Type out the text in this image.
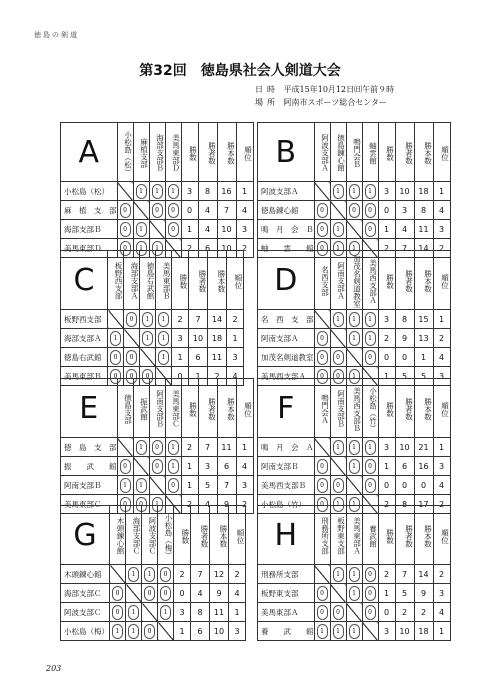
徳島の剣道
第32回　徳島県社会人剣道大会
日時 平成15年10月12日㈰午前９時
場所 阿南市スポーツ総合センター
A	小松島（松）	麻植支部	海部支部Ｂ	美馬東部Ｄ	勝数	勝者数	勝本数	順位
小松島（松）		1	1	1	3	8	16	1
麻　植　支　部	0		0	0	0	4	7	4
海部支部Ｂ	0	1		0	1	4	10	3
美馬東部Ｄ	0	1	1		2	6	10	2
B	阿波支部Ａ	徳島錬心館	鳴門会Ｂ	蚰雲館	勝数	勝者数	勝本数	順位
阿波支部Ａ		1	1	1	3	10	18	1
徳島錬心館	0		0	0	0	3	8	4
鳴　月　会　Ｂ	0	1		0	1	4	11	3
蚰　　雲　　館	0	1	1		2	7	14	2
C	板野西支部	海部支部Ａ	徳島右武館	美馬東部Ｂ	勝数	勝者数	勝本数	順位
板野西支部		0	1	1	2	7	14	2
海部支部Ａ	1		1	1	3	10	18	1
徳島右武館	0	0		1	1	6	11	3
美馬東部Ｂ	0	0	0		0	1	2	4
D	名西支部	阿南支部Ａ	加茂名剣道教室	美馬西支部Ａ	勝数	勝者数	勝本数	順位
名　西　支　部		1	1	1	3	8	15	1
阿南支部Ａ	0		1	1	2	9	13	2
加茂名剣道教室	0	0		0	0	0	1	4
美馬西支部Ａ	0	0	1		1	5	5	3
E	徳島支部	振武館	阿南支部Ｂ	美馬東部Ｃ	勝数	勝者数	勝本数	順位
徳　島　支　部		1	0	1	2	7	11	1
振　　武　　館	0		0	1	1	3	6	4
阿南支部Ｂ	1	1		0	1	5	7	3
美馬東部Ｃ	0	0	1		2	4	9	2
F	鳴門会Ａ	阿南支部Ｂ	美馬西支部Ｂ	小松島（竹）	勝数	勝者数	勝本数	順位
鳴　月　会　Ａ		1	1	1	3	10	21	1
阿南支部Ｂ	0		1	0	1	6	16	3
美馬西支部Ｂ	0	0		0	0	0	0	4
小松島（竹）	0	1	1		2	8	17	2
G	木頭錬心館	海部支部Ｃ	阿波支部Ｃ	小松島（梅）	勝数	勝者数	勝本数	順位
木頭錬心館		1	1	0	2	7	12	2
海部支部Ｃ	0		0	0	0	4	9	4
阿波支部Ｃ	0	1		1	3	8	11	1
小松島（梅）	1	1	0		1	6	10	3
H	刑務所支部	板野東支部	美馬東部Ａ	養武館	勝数	勝者数	勝本数	順位
刑務所支部		1	1	0	2	7	14	2
板野東支部	0		1	0	1	5	9	3
美馬東部Ａ	0	0		0	0	2	2	4
養　　武　　館	1	1	1		3	10	18	1
203
